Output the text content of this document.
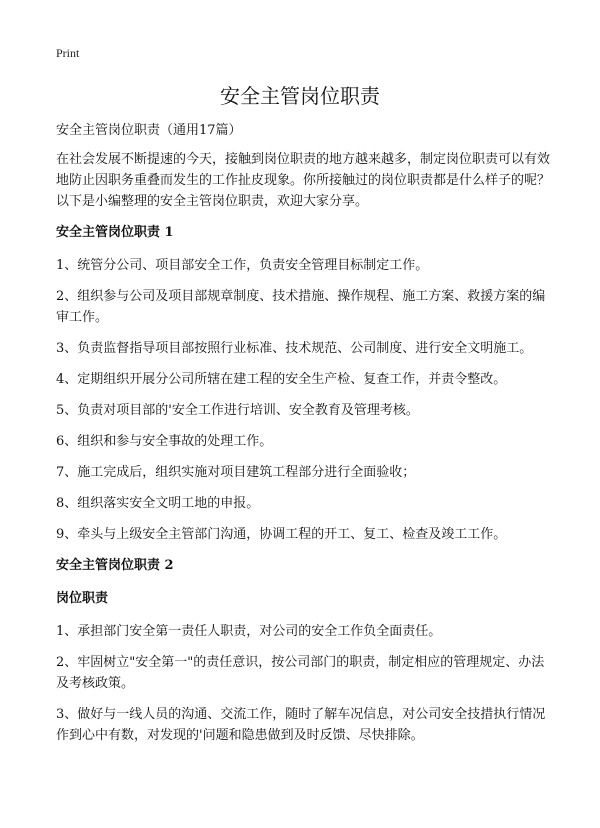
Print
安全主管岗位职责

安全主管岗位职责（通用17篇）

在社会发展不断提速的今天，接触到岗位职责的地方越来越多，制定岗位职责可以有效地防止因职务重叠而发生的工作扯皮现象。你所接触过的岗位职责都是什么样子的呢？以下是小编整理的安全主管岗位职责，欢迎大家分享。

安全主管岗位职责 1

1、统管分公司、项目部安全工作，负责安全管理目标制定工作。

2、组织参与公司及项目部规章制度、技术措施、操作规程、施工方案、救援方案的编审工作。

3、负责监督指导项目部按照行业标准、技术规范、公司制度、进行安全文明施工。

4、定期组织开展分公司所辖在建工程的安全生产检、复查工作，并责令整改。

5、负责对项目部的'安全工作进行培训、安全教育及管理考核。

6、组织和参与安全事故的处理工作。

7、施工完成后，组织实施对项目建筑工程部分进行全面验收；

8、组织落实安全文明工地的申报。

9、牵头与上级安全主管部门沟通，协调工程的开工、复工、检查及竣工工作。

安全主管岗位职责 2

岗位职责

1、承担部门安全第一责任人职责，对公司的安全工作负全面责任。

2、牢固树立"安全第一"的责任意识，按公司部门的职责，制定相应的管理规定、办法及考核政策。

3、做好与一线人员的沟通、交流工作，随时了解车况信息，对公司安全技措执行情况作到心中有数，对发现的'问题和隐患做到及时反馈、尽快排除。
